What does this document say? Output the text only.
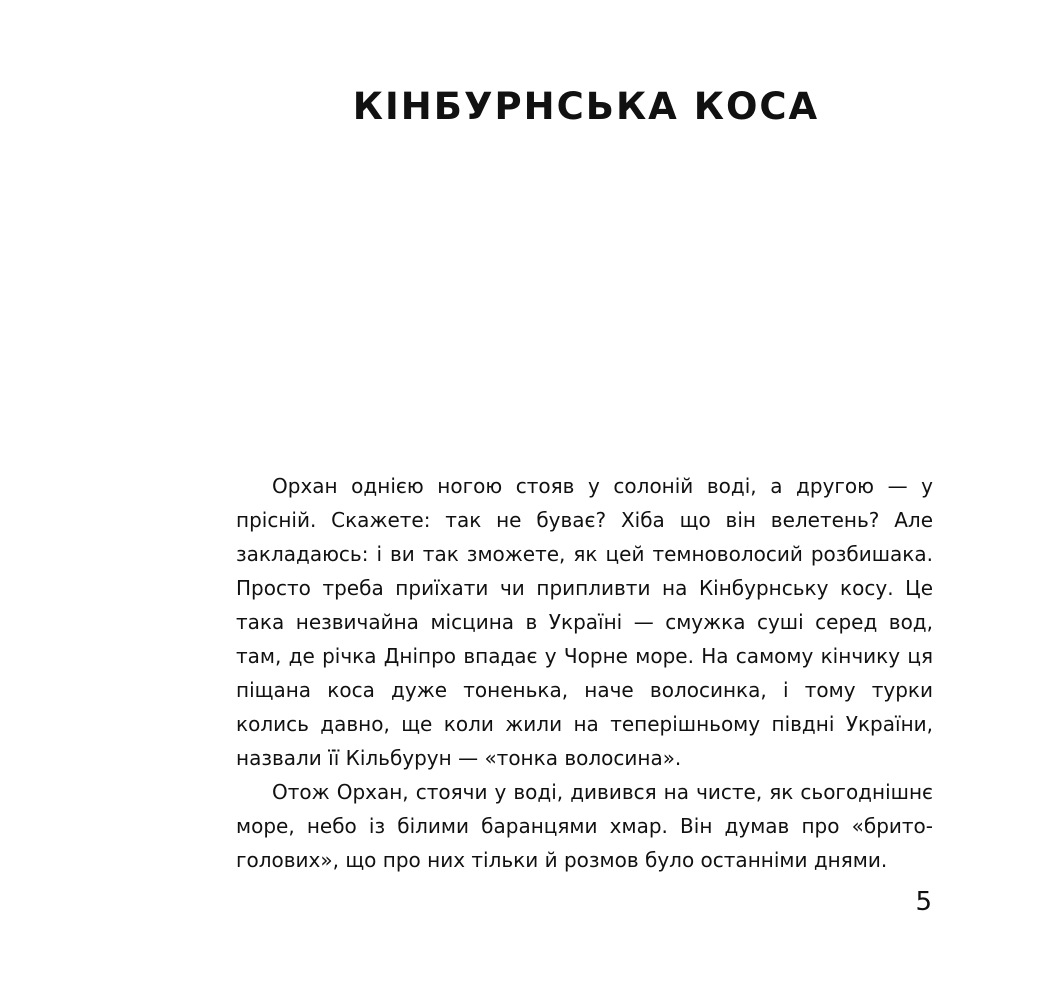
КІНБУРНСЬКА КОСА

Орхан однією ногою стояв у солоній воді, а другою — у прісній. Скажете: так не буває? Хіба що він велетень? Але закладаюсь: і ви так зможете, як цей темноволосий розбишака. Просто треба приїхати чи припливти на Кінбурнську косу. Це така незвичайна місцина в Україні — смужка суші серед вод, там, де річка Дніпро впадає у Чорне море. На самому кінчику ця піщана коса дуже тоненька, наче волосинка, і тому турки колись давно, ще коли жили на теперішньому півдні України, назвали її Кільбурун — «тонка волосина».

Отож Орхан, стоячи у воді, дивився на чисте, як сьогоднішнє море, небо із білими баранцями хмар. Він думав про «брито-голових», що про них тільки й розмов було останніми днями.

5
